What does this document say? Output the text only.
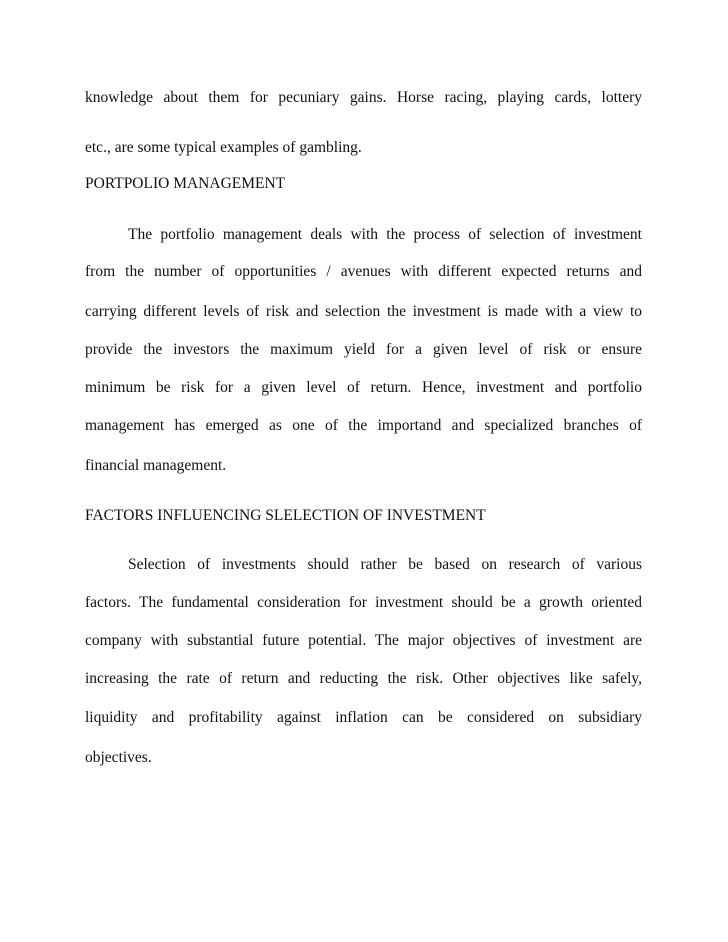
knowledge about them for pecuniary gains. Horse racing, playing cards, lottery
etc., are some typical examples of gambling.
PORTPOLIO MANAGEMENT
The portfolio management deals with the process of selection of investment
from the number of opportunities / avenues with different expected returns and
carrying different levels of risk and selection the investment is made with a view to
provide the investors the maximum yield for a given level of risk or ensure
minimum be risk for a given level of return. Hence, investment and portfolio
management has emerged as one of the importand and specialized branches of
financial management.
FACTORS INFLUENCING SLELECTION OF INVESTMENT
Selection of investments should rather be based on research of various
factors. The fundamental consideration for investment should be a growth oriented
company with substantial future potential. The major objectives of investment are
increasing the rate of return and reducting the risk. Other objectives like safely,
liquidity and profitability against inflation can be considered on subsidiary
objectives.
